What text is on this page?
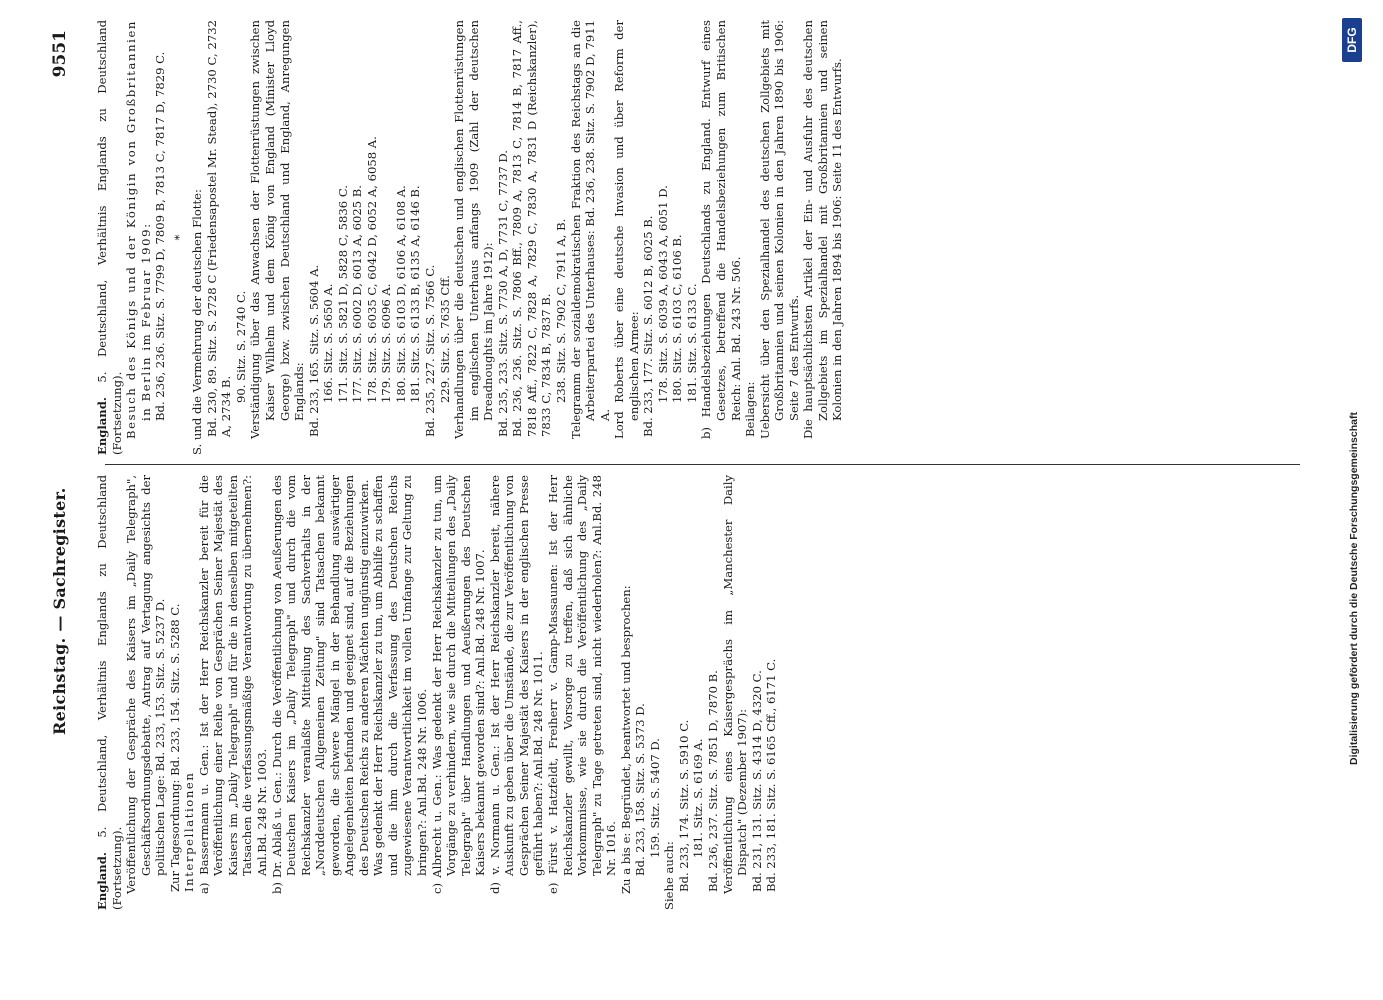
Reichstag. — Sachregister.
9551

England. 5. Deutschland, Verhältnis Englands zu Deutschland (Fortsetzung). Veröffentlichung der Gespräche des Kaisers im „Daily Telegraph", Geschäftsordnungsdebatte, Antrag auf Vertagung angesichts der politischen Lage: Bd. 233, 153. Sitz. S. 5237 D. Zur Tagesordnung: Bd. 233, 154. Sitz. S. 5288 C. Interpellationen a) Bassermann u. Gen.: Ist der Herr Reichskanzler bereit für die Veröffentlichung einer Reihe von Gesprächen Seiner Majestät des Kaisers im „Daily Telegraph" und für die in denselben mitgeteilten Tatsachen die verfassungsmäßige Verantwortung zu übernehmen?: Anl.Bd. 248 Nr. 1003. b) Dr. Ablaß u. Gen.: Durch die Veröffentlichung von Aeußerungen des Deutschen Kaisers im „Daily Telegraph" und durch die vom Reichskanzler veranlaßte Mitteilung des Sachverhalts in der „Norddeutschen Allgemeinen Zeitung" sind Tatsachen bekannt geworden, die schwere Mängel in der Behandlung auswärtiger Angelegenheiten befunden und geeignet sind, auf die Beziehungen des Deutschen Reichs zu anderen Mächten ungünstig einzuwirken. Was gedenkt der Herr Reichskanzler zu tun, um Abhilfe zu schaffen und die ihm durch die Verfassung des Deutschen Reichs zugewiesene Verantwortlichkeit im vollen Umfange zur Geltung zu bringen?: Anl.Bd. 248 Nr. 1006. c) Albrecht u. Gen.: Was gedenkt der Herr Reichskanzler zu tun, um Vorgänge zu verhindern, wie sie durch die Mitteilungen des „Daily Telegraph" über Handlungen und Aeußerungen des Deutschen Kaisers bekannt geworden sind?: Anl.Bd. 248 Nr. 1007. d) v. Normann u. Gen.: Ist der Herr Reichskanzler bereit, nähere Auskunft zu geben über die Umstände, die zur Veröffentlichung von Gesprächen Seiner Majestät des Kaisers in der englischen Presse geführt haben?: Anl.Bd. 248 Nr. 1011. e) Fürst v. Hatzfeldt, Freiherr v. Gamp-Massaunen: Ist der Herr Reichskanzler gewillt, Vorsorge zu treffen, daß sich ähnliche Vorkommnisse, wie sie durch die Veröffentlichung des „Daily Telegraph" zu Tage getreten sind, nicht wiederholen?: Anl.Bd. 248 Nr. 1016. Zu a bis e: Begründet, beantwortet und besprochen: Bd. 233, 158. Sitz. S. 5373 D. 159. Sitz. S. 5407 D.

Siehe auch: Bd. 233, 174. Sitz. S. 5910 C. 181. Sitz. S. 6169 A. Bd. 236, 237. Sitz. S. 7851 D, 7870 B. Veröffentlichung eines Kaisergesprächs im „Manchester Daily Dispatch" (Dezember 1907): Bd. 231, 131. Sitz. S. 4314 D, 4320 C. Bd. 233, 181. Sitz. S. 6165 Cff., 6171 C.

England. 5. Deutschland, Verhältnis Englands zu Deutschland (Fortsetzung). Besuch des Königs und der Königin von Großbritannien in Berlin im Februar 1909: Bd. 236, 236. Sitz. S. 7799 D, 7809 B, 7813 C, 7817 D, 7829 C. * S. und die Vermehrung der deutschen Flotte: Bd. 230, 89. Sitz. S. 2728 C (Friedensapostel Mr. Stead), 2730 C, 2732 A, 2734 B.

90. Sitz. S. 2740 C. Verständigung über das Anwachsen der Flottenrüstungen zwischen Kaiser Wilhelm und dem König von England (Minister Lloyd George) bzw. zwischen Deutschland und England, Anregungen Englands: Bd. 233, 165. Sitz. S. 5604 A. 166. Sitz. S. 5650 A. 171. Sitz. S. 5821 D, 5828 C, 5836 C. 177. Sitz. S. 6002 D, 6013 A, 6025 B. 178. Sitz. S. 6035 C, 6042 D, 6052 A, 6058 A. 179. Sitz. S. 6096 A. 180. Sitz. S. 6103 D, 6106 A, 6108 A. 181. Sitz. S. 6133 B, 6135 A, 6146 B. Bd. 235, 227. Sitz. S. 7566 C. 229. Sitz. S. 7635 Cff. Verhandlungen über die deutschen und englischen Flottenrüstungen im englischen Unterhaus anfangs 1909 (Zahl der deutschen Dreadnoughts im Jahre 1912): Bd. 235, 233. Sitz. S. 7730 A, D, 7731 C, 7737 D. Bd. 236, 236. Sitz. S. 7806 Bff., 7809 A, 7813 C, 7814 B, 7817 Aff., 7818 Aff., 7822 C, 7828 A, 7829 C, 7830 A, 7831 D (Reichskanzler), 7833 C, 7834 B, 7837 B. 238. Sitz. S. 7902 C, 7911 A, B. Telegramm der sozialdemokratischen Fraktion des Reichstags an die Arbeiterpartei des Unterhauses: Bd. 236, 238. Sitz. S. 7902 D, 7911 A. Lord Roberts über eine deutsche Invasion und über Reform der englischen Armee: Bd. 233, 177. Sitz. S. 6012 B, 6025 B. 178. Sitz. S. 6039 A, 6043 A, 6051 D. 180. Sitz. S. 6103 C, 6106 B. 181. Sitz. S. 6133 C. b) Handelsbeziehungen Deutschlands zu England. Entwurf eines Gesetzes, betreffend die Handelsbeziehungen zum Britischen Reich: Anl. Bd. 243 Nr. 506. Beilagen: Uebersicht über den Spezialhandel des deutschen Zollgebiets mit Großbritannien und seinen Kolonien in den Jahren 1890 bis 1906: Seite 7 des Entwurfs. Die hauptsächlichsten Artikel der Ein- und Ausfuhr des deutschen Zollgebiets im Spezialhandel mit Großbritannien und seinen Kolonien in den Jahren 1894 bis 1906: Seite 11 des Entwurfs.

Digitalisierung gefördert durch die Deutsche Forschungsgemeinschaft
DFG
